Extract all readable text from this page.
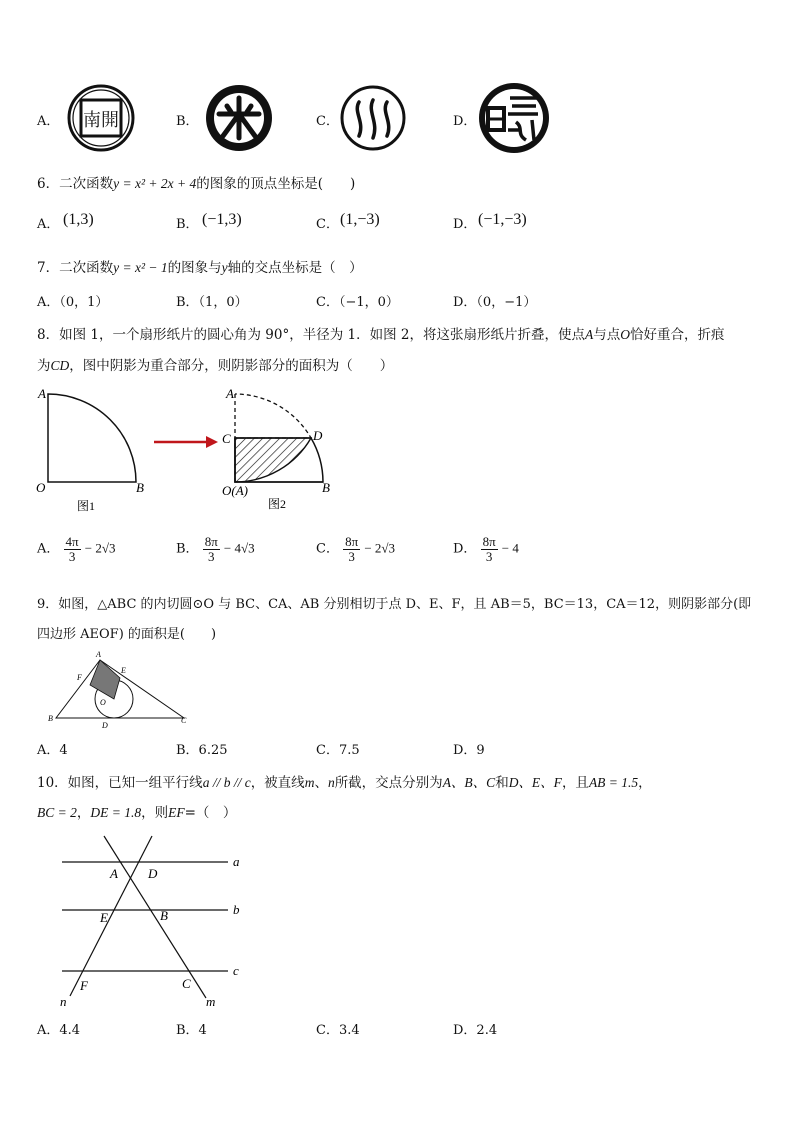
A． 南開	B．	C．	D．
6．二次函数y = x² + 2x + 4的图象的顶点坐标是(　　)
A． (1,3)	B． (−1,3)	C． (1,−3)	D． (−1,−3)
7．二次函数y = x² − 1的图象与y轴的交点坐标是（　）
A．（0，1）	B．（1，0）	C．（−1，0）	D．（0，−1）
8．如图 1，一个扇形纸片的圆心角为 90°，半径为 1．如图 2，将这张扇形纸片折叠，使点A与点O恰好重合，折痕
为CD，图中阴影为重合部分，则阴影部分的面积为（　　）
A
O	B
图1
A
C	D
O(A)	B
图2
A． $\frac{4\pi}{3} - 2√3$	B． $\frac{8\pi}{3} - 4√3$	C． $\frac{8\pi}{3} - 2√3$	D． $\frac{8\pi}{3} - 4$
9．如图，△ABC 的内切圆⊙O 与 BC、CA、AB 分别相切于点 D、E、F，且 AB＝5，BC＝13，CA＝12，则阴影部分(即
四边形 AEOF) 的面积是(　　)
A
E
F
O
B
D
C
A．4	B．6.25	C．7.5	D．9
10．如图，已知一组平行线a // b // c，被直线m、n所截，交点分别为A、B、C和D、E、F，且AB = 1.5，
BC = 2，DE = 1.8，则EF=（　）
a
b
c
A D
E	B
F	C
n	m
A．4.4	B．4	C．3.4	D．2.4
